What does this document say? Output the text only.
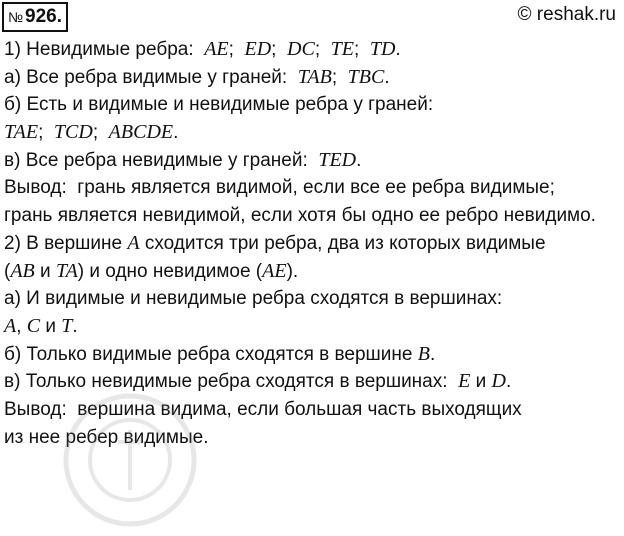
№ 926.	© reshak.ru
1) Невидимые ребра:  AE;  ED;  DC;  TE;  TD.
а) Все ребра видимые у граней:  TAB;  TBC.
б) Есть и видимые и невидимые ребра у граней:
TAE;  TCD;  ABCDE.
в) Все ребра невидимые у граней:  TED.
Вывод:  грань является видимой, если все ее ребра видимые;
грань является невидимой, если хотя бы одно ее ребро невидимо.
2) В вершине A сходится три ребра, два из которых видимые
(AB и TA) и одно невидимое (AE).
а) И видимые и невидимые ребра сходятся в вершинах:
A, C и T.
б) Только видимые ребра сходятся в вершине B.
в) Только невидимые ребра сходятся в вершинах:  E и D.
Вывод:  вершина видима, если большая часть выходящих
из нее ребер видимые.
